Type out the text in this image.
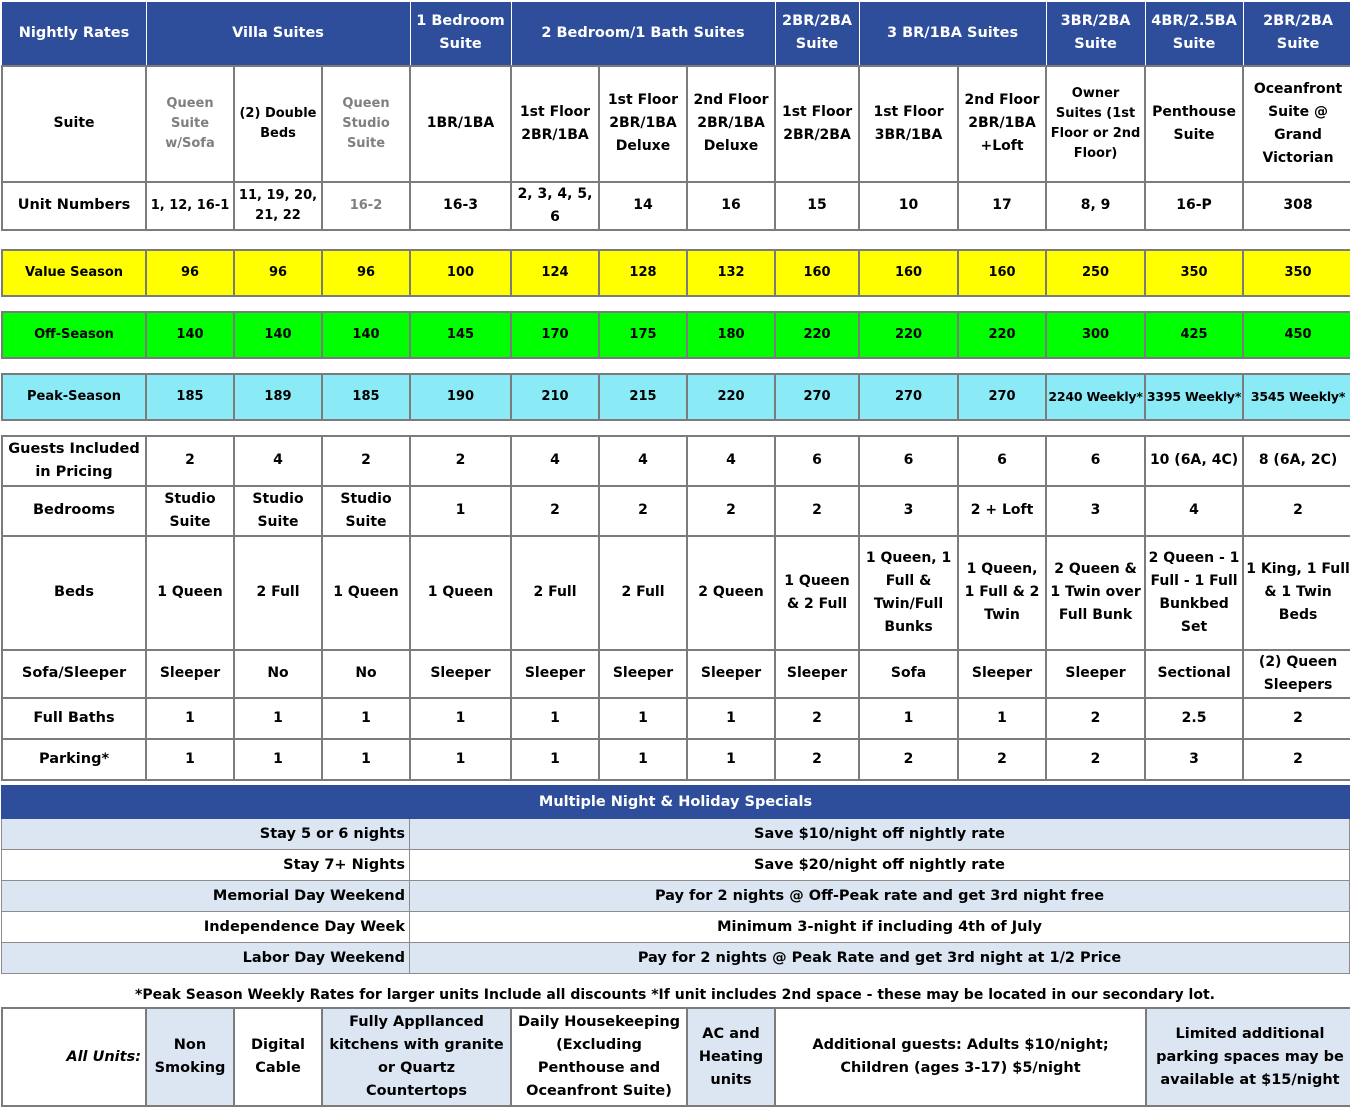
Nightly Rates	Villa Suites			1 Bedroom Suite	2 Bedroom/1 Bath Suites			2BR/2BA Suite	3 BR/1BA Suites		3BR/2BA Suite	4BR/2.5BA Suite	2BR/2BA Suite
Suite	Queen Suite w/Sofa	(2) Double Beds	Queen Studio Suite	1BR/1BA	1st Floor 2BR/1BA	1st Floor 2BR/1BA Deluxe	2nd Floor 2BR/1BA Deluxe	1st Floor 2BR/2BA	1st Floor 3BR/1BA	2nd Floor 2BR/1BA +Loft	Owner Suites (1st Floor or 2nd Floor)	Penthouse Suite	Oceanfront Suite @ Grand Victorian
Unit Numbers	1, 12, 16-1	11, 19, 20, 21, 22	16-2	16-3	2, 3, 4, 5, 6	14	16	15	10	17	8, 9	16-P	308

Value Season	96	96	96	100	124	128	132	160	160	160	250	350	350

Off-Season	140	140	140	145	170	175	180	220	220	220	300	425	450

Peak-Season	185	189	185	190	210	215	220	270	270	270	2240 Weekly*	3395 Weekly*	3545 Weekly*

Guests Included in Pricing	2	4	2	2	4	4	4	6	6	6	6	10 (6A, 4C)	8 (6A, 2C)
Bedrooms	Studio Suite	Studio Suite	Studio Suite	1	2	2	2	2	3	2 + Loft	3	4	2
Beds	1 Queen	2 Full	1 Queen	1 Queen	2 Full	2 Full	2 Queen	1 Queen & 2 Full	1 Queen, 1 Full & Twin/Full Bunks	1 Queen, 1 Full & 2 Twin	2 Queen & 1 Twin over Full Bunk	2 Queen - 1 Full - 1 Full Bunkbed Set	1 King, 1 Full & 1 Twin Beds
Sofa/Sleeper	Sleeper	No	No	Sleeper	Sleeper	Sleeper	Sleeper	Sleeper	Sofa	Sleeper	Sleeper	Sectional	(2) Queen Sleepers
Full Baths	1	1	1	1	1	1	1	2	1	1	2	2.5	2
Parking*	1	1	1	1	1	1	1	2	2	2	2	3	2
Multiple Night & Holiday Specials	
Stay 5 or 6 nights	Save $10/night off nightly rate
Stay 7+ Nights	Save $20/night off nightly rate
Memorial Day Weekend	Pay for 2 nights @ Off-Peak rate and get 3rd night free
Independence Day Week	Minimum 3-night if including 4th of July
Labor Day Weekend	Pay for 2 nights @ Peak Rate and get 3rd night at 1/2 Price
*Peak Season Weekly Rates for larger units Include all discounts *If unit includes 2nd space - these may be located in our secondary lot.
All Units:	Non Smoking	Digital Cable	Fully Appllanced kitchens with granite or Quartz Countertops	Daily Housekeeping (Excluding Penthouse and Oceanfront Suite)	AC and Heating units	Additional guests: Adults $10/night; Children (ages 3-17) $5/night	Limited additional parking spaces may be available at $15/night
